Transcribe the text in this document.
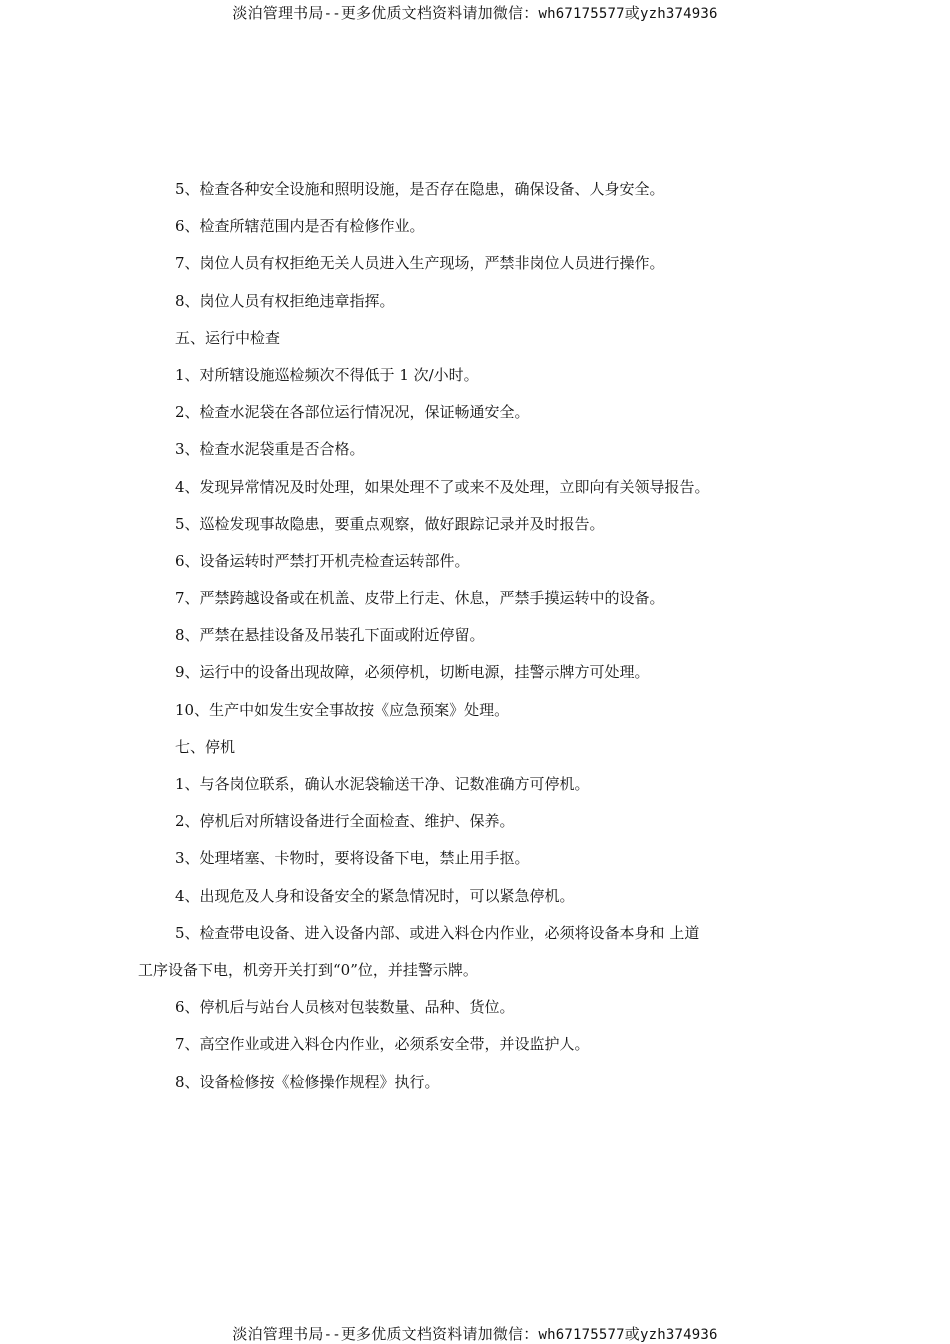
淡泊管理书局--更多优质文档资料请加微信：wh67175577或yzh374936
5、检查各种安全设施和照明设施，是否存在隐患，确保设备、人身安全。
6、检查所辖范围内是否有检修作业。
7、岗位人员有权拒绝无关人员进入生产现场，严禁非岗位人员进行操作。
8、岗位人员有权拒绝违章指挥。
五、运行中检查
1、对所辖设施巡检频次不得低于 1 次/小时。
2、检查水泥袋在各部位运行情况况，保证畅通安全。
3、检查水泥袋重是否合格。
4、发现异常情况及时处理，如果处理不了或来不及处理，立即向有关领导报告。
5、巡检发现事故隐患，要重点观察，做好跟踪记录并及时报告。
6、设备运转时严禁打开机壳检查运转部件。
7、严禁跨越设备或在机盖、皮带上行走、休息，严禁手摸运转中的设备。
8、严禁在悬挂设备及吊装孔下面或附近停留。
9、运行中的设备出现故障，必须停机，切断电源，挂警示牌方可处理。
10、生产中如发生安全事故按《应急预案》处理。
七、停机
1、与各岗位联系，确认水泥袋输送干净、记数准确方可停机。
2、停机后对所辖设备进行全面检查、维护、保养。
3、处理堵塞、卡物时，要将设备下电，禁止用手抠。
4、出现危及人身和设备安全的紧急情况时，可以紧急停机。
5、检查带电设备、进入设备内部、或进入料仓内作业，必须将设备本身和 上道
工序设备下电，机旁开关打到“0”位，并挂警示牌。
6、停机后与站台人员核对包装数量、品种、货位。
7、高空作业或进入料仓内作业，必须系安全带，并设监护人。
8、设备检修按《检修操作规程》执行。
淡泊管理书局--更多优质文档资料请加微信：wh67175577或yzh374936
